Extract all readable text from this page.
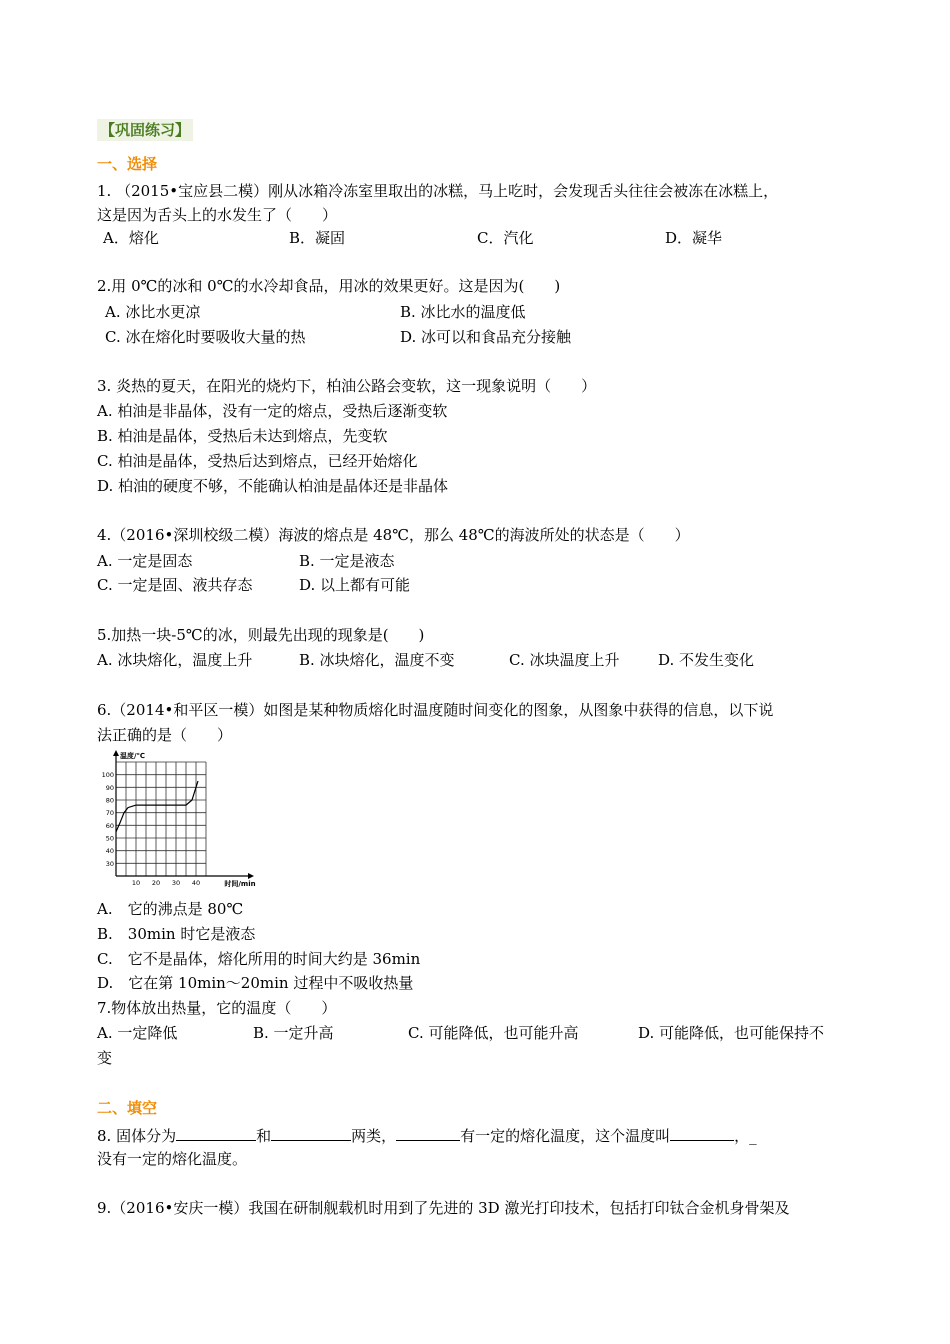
【巩固练习】
一、选择
1. （2015•宝应县二模）刚从冰箱冷冻室里取出的冰糕，马上吃时，会发现舌头往往会被冻在冰糕上，
这是因为舌头上的水发生了（　　）
A．熔化	B．凝固	C．汽化	D．凝华
2.用 0℃的冰和 0℃的水冷却食品，用冰的效果更好。这是因为(　　)
A. 冰比水更凉	B. 冰比水的温度低
C. 冰在熔化时要吸收大量的热	D. 冰可以和食品充分接触
3. 炎热的夏天，在阳光的烧灼下，柏油公路会变软，这一现象说明（　　）
A. 柏油是非晶体，没有一定的熔点，受热后逐渐变软
B. 柏油是晶体，受热后未达到熔点，先变软
C. 柏油是晶体，受热后达到熔点，已经开始熔化
D. 柏油的硬度不够，不能确认柏油是晶体还是非晶体
4.（2016•深圳校级二模）海波的熔点是 48℃，那么 48℃的海波所处的状态是（　　）
A. 一定是固态	B. 一定是液态
C. 一定是固、液共存态	D. 以上都有可能
5.加热一块-5℃的冰，则最先出现的现象是(　　)
A. 冰块熔化，温度上升	B. 冰块熔化，温度不变	C. 冰块温度上升	D. 不发生变化
6.（2014•和平区一模）如图是某种物质熔化时温度随时间变化的图象，从图象中获得的信息，以下说
法正确的是（　　）
100
90
80
70
60
50
40
30
10 20 30 40
温度/℃
时间/min
A.　它的沸点是 80℃
B.　30min 时它是液态
C.　它不是晶体，熔化所用的时间大约是 36min
D.　它在第 10min～20min 过程中不吸收热量
7.物体放出热量，它的温度（　　）
A. 一定降低	B. 一定升高	C. 可能降低，也可能升高	D. 可能降低，也可能保持不
变
二、填空
8. 固体分为	和	两类，	有一定的熔化温度，这个温度叫	，_
没有一定的熔化温度。
9.（2016•安庆一模）我国在研制舰载机时用到了先进的 3D 激光打印技术，包括打印钛合金机身骨架及
